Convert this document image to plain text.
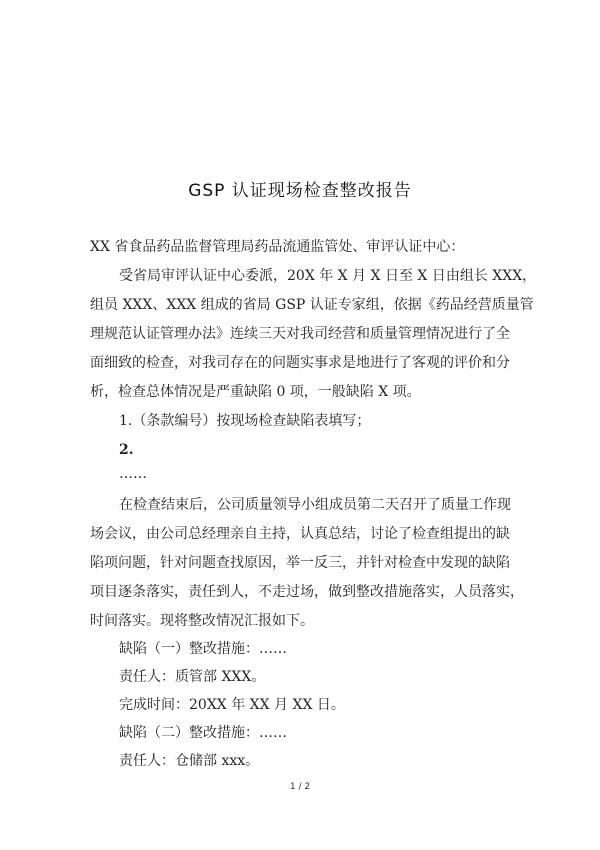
GSP 认证现场检查整改报告
XX 省食品药品监督管理局药品流通监管处、审评认证中心：
受省局审评认证中心委派，20X 年 X 月 X 日至 X 日由组长 XXX，
组员 XXX、XXX 组成的省局 GSP 认证专家组，依据《药品经营质量管
理规范认证管理办法》连续三天对我司经营和质量管理情况进行了全
面细致的检查，对我司存在的问题实事求是地进行了客观的评价和分
析，检查总体情况是严重缺陷 0 项，一般缺陷 X 项。
1.（条款编号）按现场检查缺陷表填写；
2.
……
在检查结束后，公司质量领导小组成员第二天召开了质量工作现
场会议，由公司总经理亲自主持，认真总结，讨论了检查组提出的缺
陷项问题，针对问题查找原因，举一反三，并针对检查中发现的缺陷
项目逐条落实，责任到人，不走过场，做到整改措施落实，人员落实，
时间落实。现将整改情况汇报如下。
缺陷（一）整改措施：……
责任人：质管部 XXX。
完成时间：20XX 年 XX 月 XX 日。
缺陷（二）整改措施：……
责任人：仓储部 xxx。
1 / 2
